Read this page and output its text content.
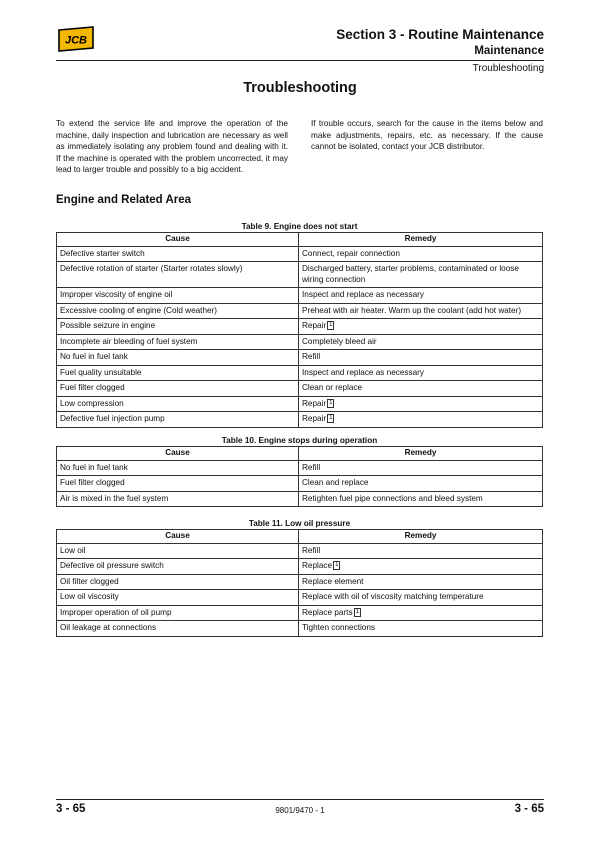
JCB	Section 3 - Routine Maintenance
Maintenance
Troubleshooting
Troubleshooting

To extend the service life and improve the operation of the machine, daily inspection and lubrication are necessary as well as immediately isolating any problem found and dealing with it. If the machine is operated with the problem uncorrected, it may lead to larger trouble and possibly to a big accident.

If trouble occurs, search for the cause in the items below and make adjustments, repairs, etc. as necessary. If the cause cannot be isolated, contact your JCB distributor.

Engine and Related Area
Table 9. Engine does not start
Cause	Remedy
Defective starter switch	Connect, repair connection
Defective rotation of starter (Starter rotates slowly)	Discharged battery, starter problems, contaminated or loose wiring connection
Improper viscosity of engine oil	Inspect and replace as necessary
Excessive cooling of engine (Cold weather)	Preheat with air heater. Warm up the coolant (add hot water)
Possible seizure in engine	Repair 1
Incomplete air bleeding of fuel system	Completely bleed air
No fuel in fuel tank	Refill
Fuel quality unsuitable	Inspect and replace as necessary
Fuel filter clogged	Clean or replace
Low compression	Repair 1
Defective fuel injection pump	Repair 1
Table 10. Engine stops during operation
Cause	Remedy
No fuel in fuel tank	Refill
Fuel filter clogged	Clean and replace
Air is mixed in the fuel system	Retighten fuel pipe connections and bleed system
Table 11. Low oil pressure
Cause	Remedy
Low oil	Refill
Defective oil pressure switch	Replace 1
Oil filter clogged	Replace element
Low oil viscosity	Replace with oil of viscosity matching temperature
Improper operation of oil pump	Replace parts 1
Oil leakage at connections	Tighten connections
3 - 65	9801/9470 - 1	3 - 65
